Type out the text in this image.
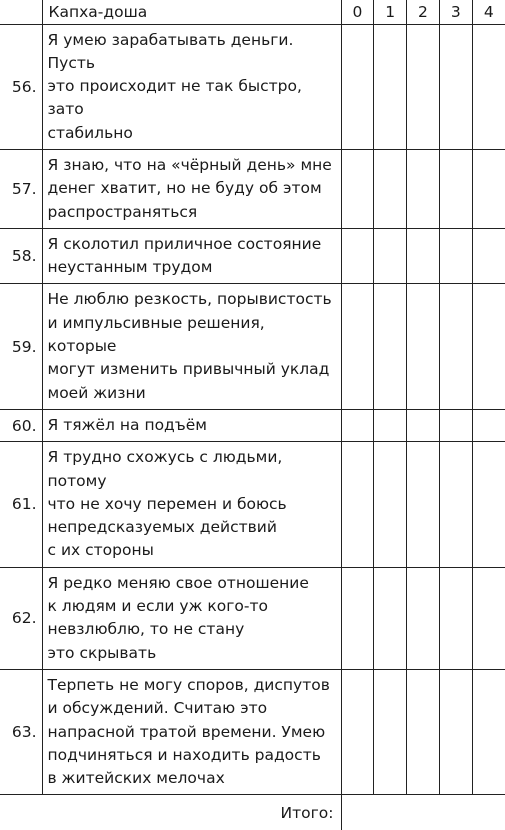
	Капха-доша	0	1	2	3	4
56.	Я умею зарабатывать деньги. Пусть
это происходит не так быстро, зато
стабильно					
57.	Я знаю, что на «чёрный день» мне
денег хватит, но не буду об этом
распространяться					
58.	Я сколотил приличное состояние
неустанным трудом					
59.	Не люблю резкость, порывистость
и импульсивные решения, которые
могут изменить привычный уклад
моей жизни					
60.	Я тяжёл на подъём					
61.	Я трудно схожусь с людьми, потому
что не хочу перемен и боюсь
непредсказуемых действий
с их стороны					
62.	Я редко меняю свое отношение
к людям и если уж кого-то
невзлюблю, то не стану
это скрывать					
63.	Терпеть не могу споров, диспутов
и обсуждений. Считаю это
напрасной тратой времени. Умею
подчиняться и находить радость
в житейских мелочах					
Итого:						
